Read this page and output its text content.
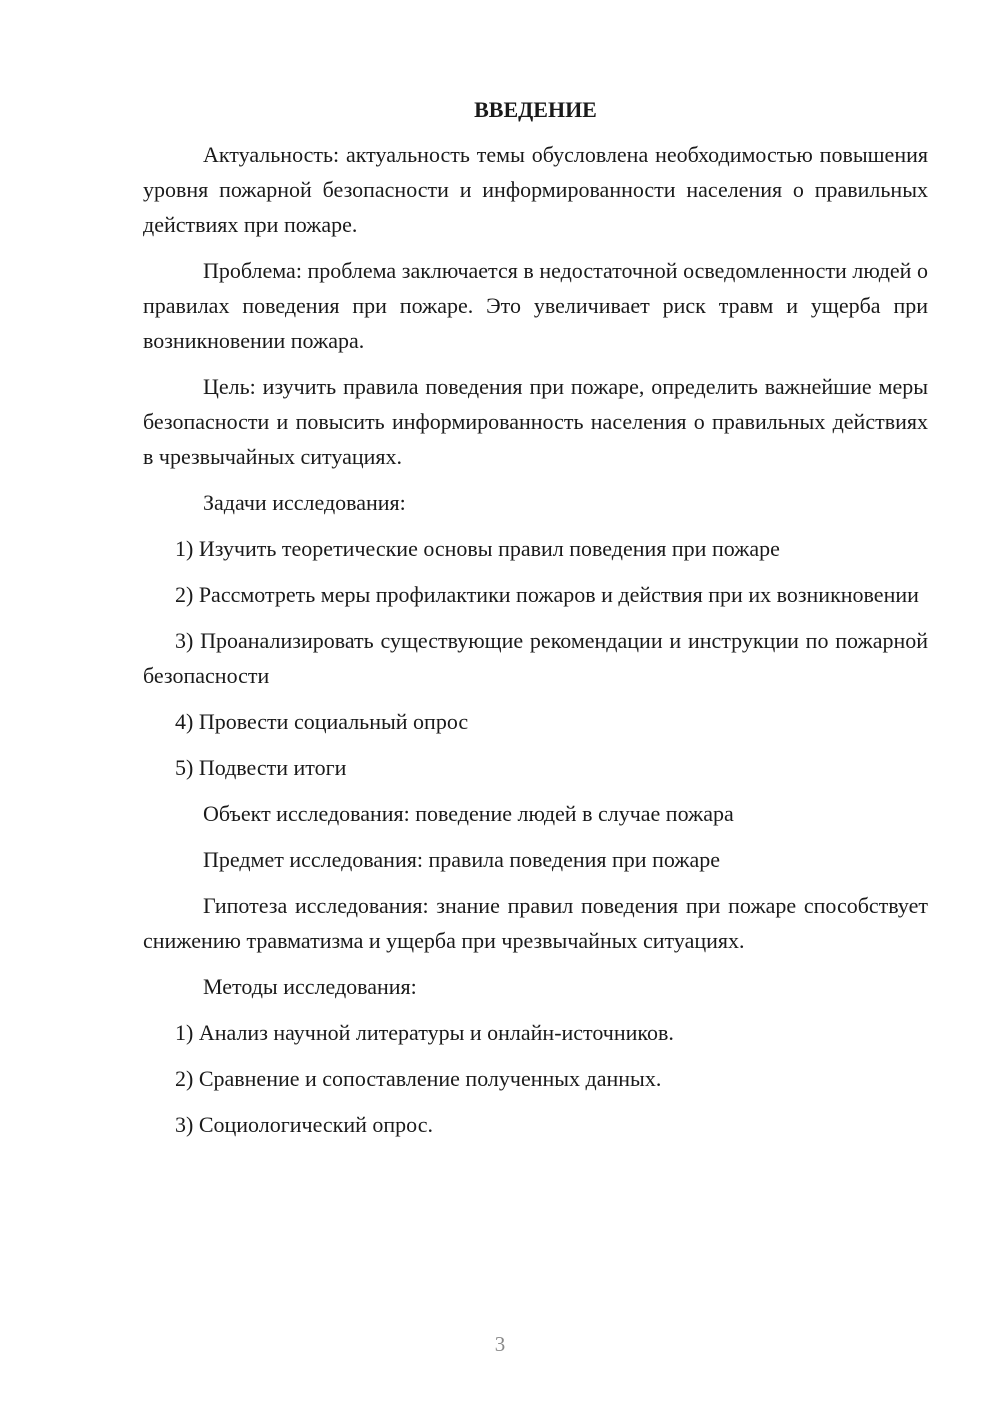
ВВЕДЕНИЕ

Актуальность: актуальность темы обусловлена необходимостью повышения уровня пожарной безопасности и информированности населения о правильных действиях при пожаре.

Проблема: проблема заключается в недостаточной осведомленности людей о правилах поведения при пожаре. Это увеличивает риск травм и ущерба при возникновении пожара.

Цель: изучить правила поведения при пожаре, определить важнейшие меры безопасности и повысить информированность населения о правильных действиях в чрезвычайных ситуациях.

Задачи исследования:

1) Изучить теоретические основы правил поведения при пожаре

2) Рассмотреть меры профилактики пожаров и действия при их возникновении

3) Проанализировать существующие рекомендации и инструкции по пожарной безопасности

4) Провести социальный опрос

5) Подвести итоги

Объект исследования: поведение людей в случае пожара

Предмет исследования: правила поведения при пожаре

Гипотеза исследования: знание правил поведения при пожаре способствует снижению травматизма и ущерба при чрезвычайных ситуациях.

Методы исследования:

1) Анализ научной литературы и онлайн-источников.

2) Сравнение и сопоставление полученных данных.

3) Социологический опрос.

3
